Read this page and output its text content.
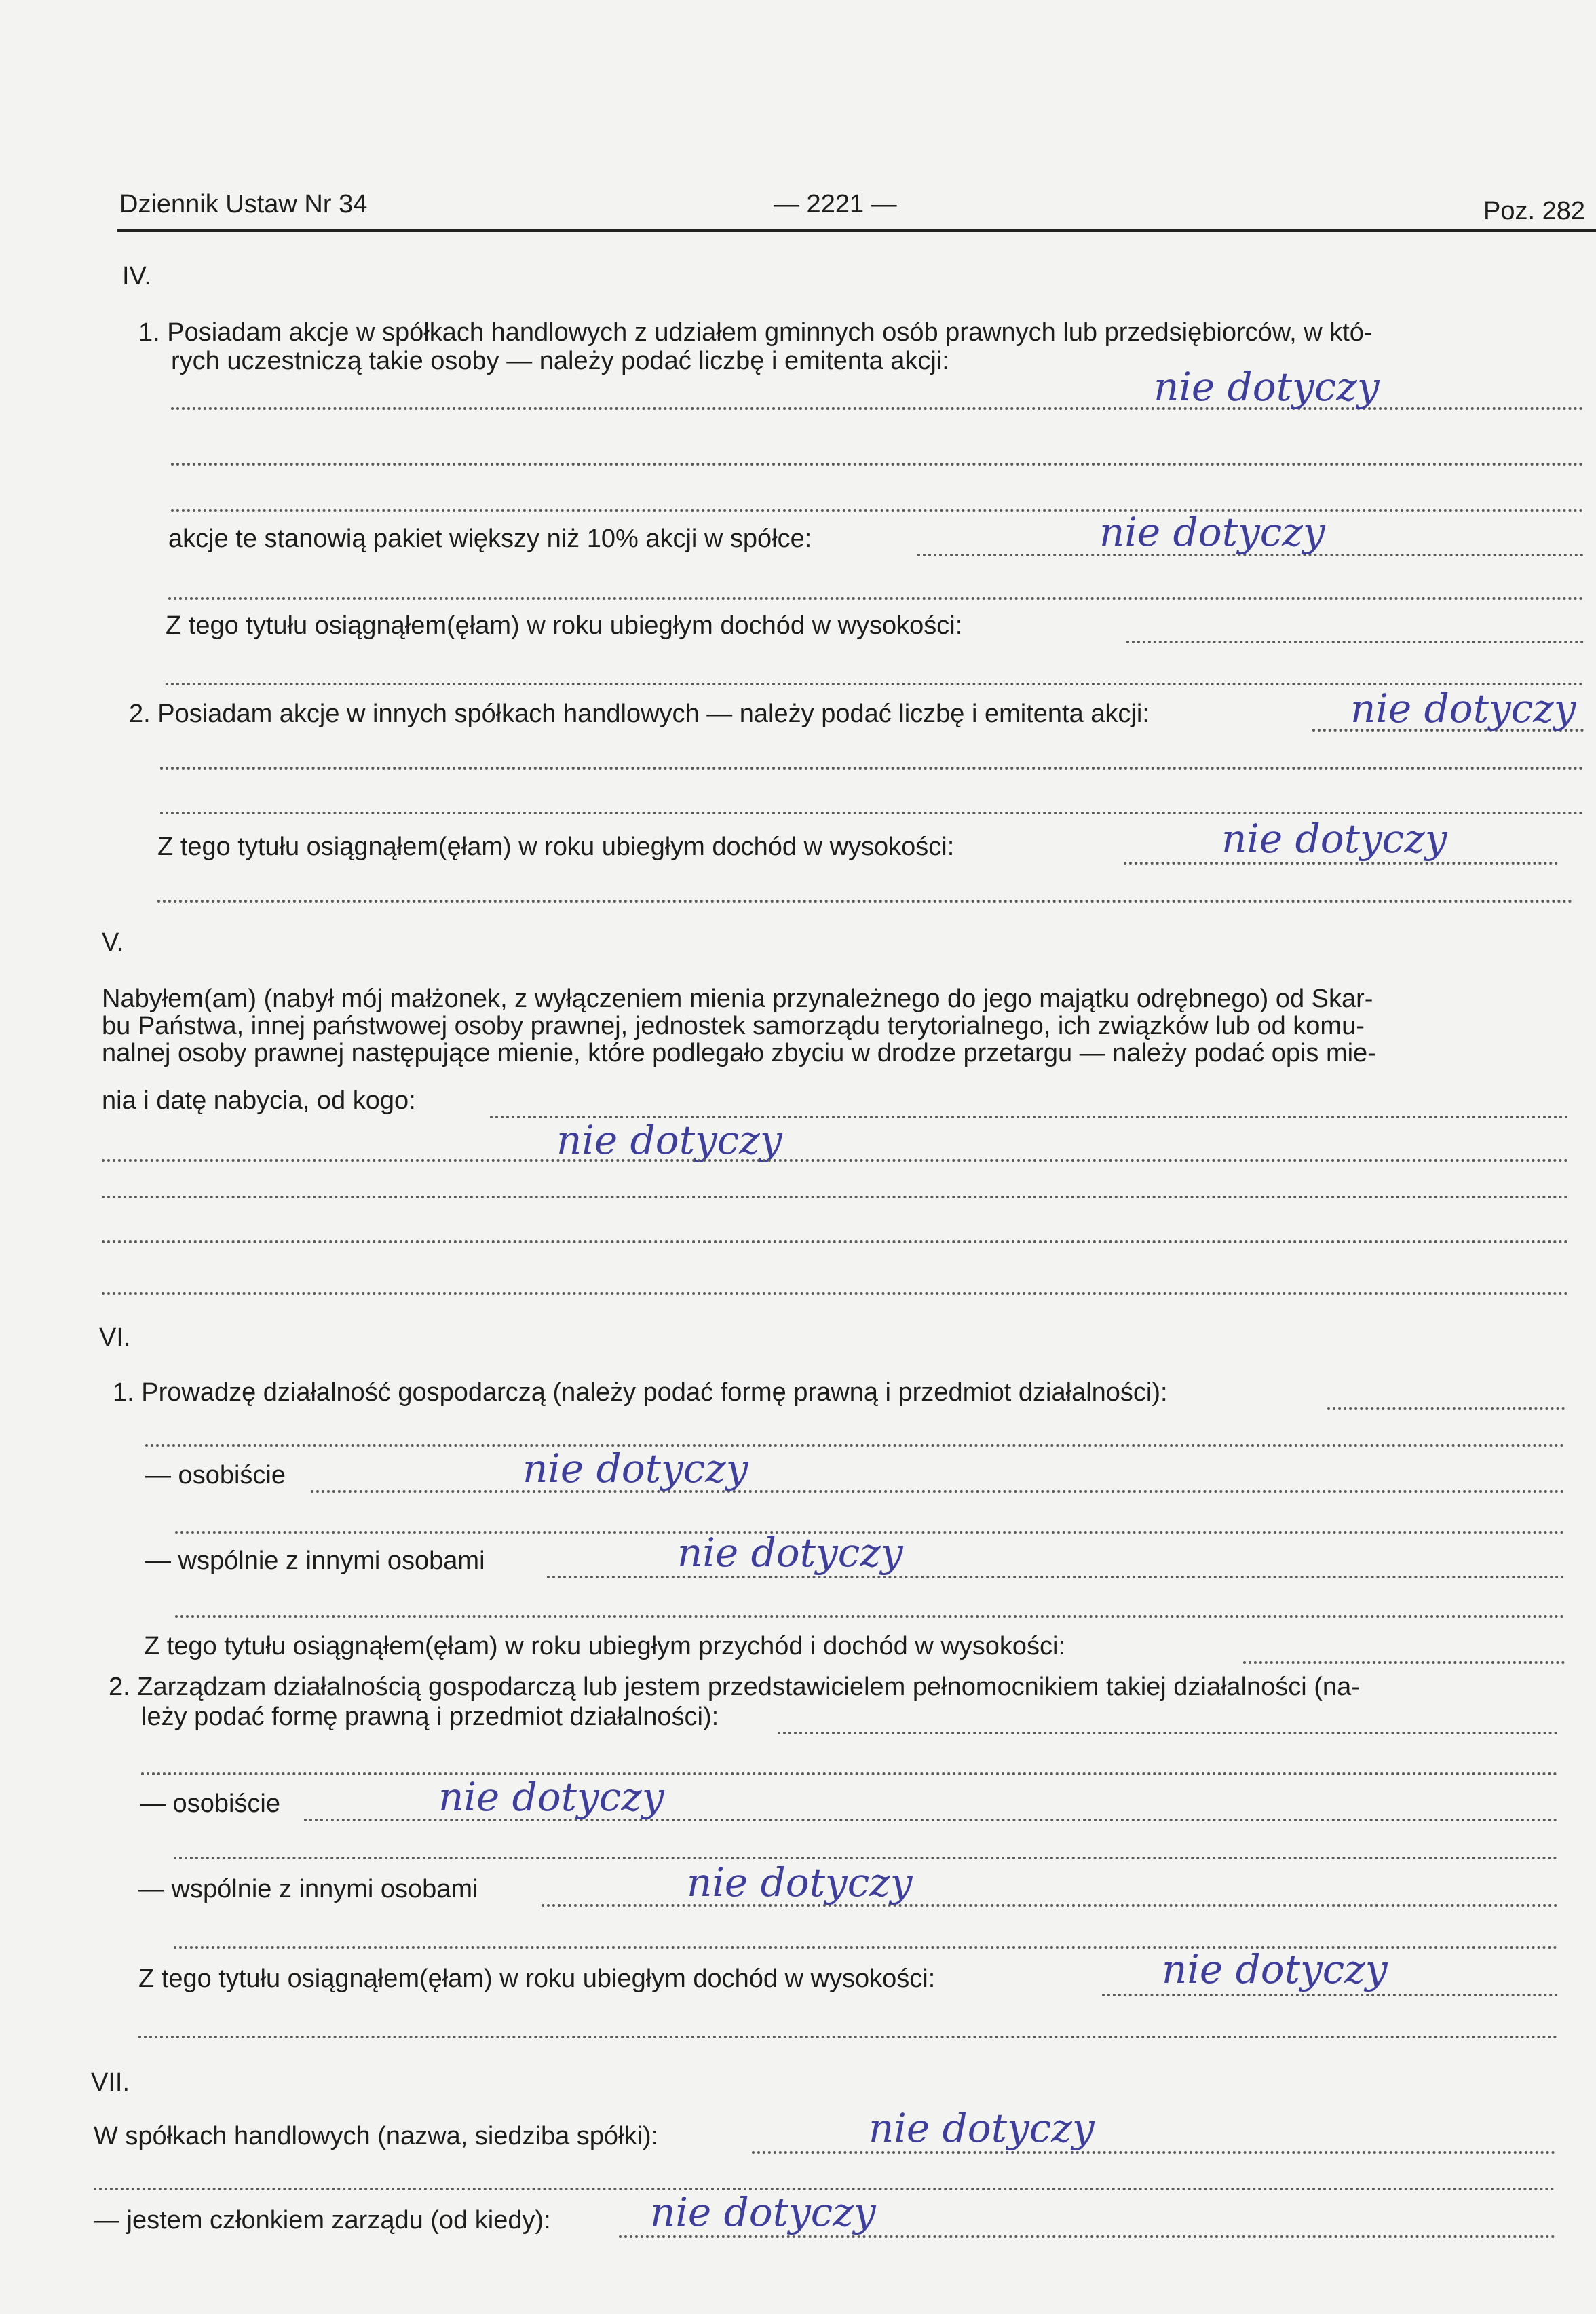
Dziennik Ustaw Nr 34	— 2221 —	Poz. 282
IV.
1. Posiadam akcje w spółkach handlowych z udziałem gminnych osób prawnych lub przedsiębiorców, w któ-
rych uczestniczą takie osoby — należy podać liczbę i emitenta akcji:
nie dotyczy
akcje te stanowią pakiet większy niż 10% akcji w spółce:	nie dotyczy
Z tego tytułu osiągnąłem(ęłam) w roku ubiegłym dochód w wysokości:
2. Posiadam akcje w innych spółkach handlowych — należy podać liczbę i emitenta akcji:	nie dotyczy
Z tego tytułu osiągnąłem(ęłam) w roku ubiegłym dochód w wysokości:	nie dotyczy
V.
Nabyłem(am) (nabył mój małżonek, z wyłączeniem mienia przynależnego do jego majątku odrębnego) od Skar-
bu Państwa, innej państwowej osoby prawnej, jednostek samorządu terytorialnego, ich związków lub od komu-
nalnej osoby prawnej następujące mienie, które podlegało zbyciu w drodze przetargu — należy podać opis mie-
nia i datę nabycia, od kogo:
nie dotyczy
VI.
1. Prowadzę działalność gospodarczą (należy podać formę prawną i przedmiot działalności):
— osobiście	nie dotyczy
— wspólnie z innymi osobami	nie dotyczy
Z tego tytułu osiągnąłem(ęłam) w roku ubiegłym przychód i dochód w wysokości:
2. Zarządzam działalnością gospodarczą lub jestem przedstawicielem pełnomocnikiem takiej działalności (na-
leży podać formę prawną i przedmiot działalności):
— osobiście	nie dotyczy
— wspólnie z innymi osobami	nie dotyczy
Z tego tytułu osiągnąłem(ęłam) w roku ubiegłym dochód w wysokości:	nie dotyczy
VII.
W spółkach handlowych (nazwa, siedziba spółki):	nie dotyczy
— jestem członkiem zarządu (od kiedy):	nie dotyczy
